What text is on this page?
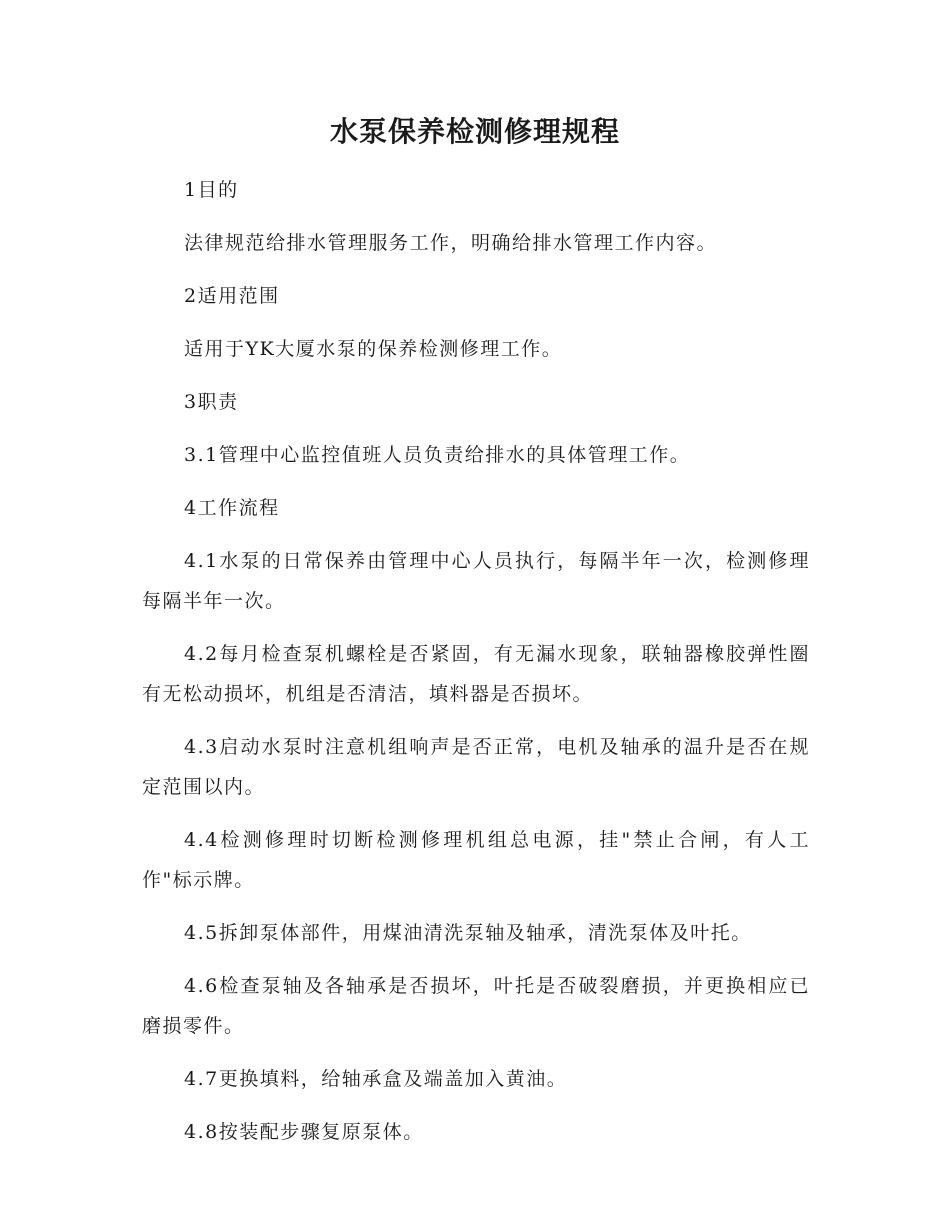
水泵保养检测修理规程

1目的

法律规范给排水管理服务工作，明确给排水管理工作内容。

2适用范围

适用于YK大厦水泵的保养检测修理工作。

3职责

3.1管理中心监控值班人员负责给排水的具体管理工作。

4工作流程

4.1水泵的日常保养由管理中心人员执行，每隔半年一次，检测修理每隔半年一次。

4.2每月检查泵机螺栓是否紧固，有无漏水现象，联轴器橡胶弹性圈有无松动损坏，机组是否清洁，填料器是否损坏。

4.3启动水泵时注意机组响声是否正常，电机及轴承的温升是否在规定范围以内。

4.4检测修理时切断检测修理机组总电源，挂"禁止合闸，有人工作"标示牌。

4.5拆卸泵体部件，用煤油清洗泵轴及轴承，清洗泵体及叶托。

4.6检查泵轴及各轴承是否损坏，叶托是否破裂磨损，并更换相应已磨损零件。

4.7更换填料，给轴承盒及端盖加入黄油。

4.8按装配步骤复原泵体。
